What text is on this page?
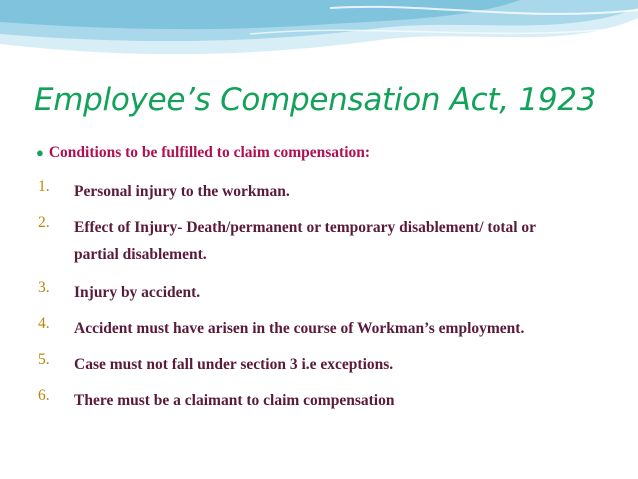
Employee’s Compensation Act, 1923
● Conditions to be fulfilled to claim compensation:
1.	Personal injury to the workman.
2.	Effect of Injury- Death/permanent or temporary disablement/ total or
partial disablement.
3.	Injury by accident.
4.	Accident must have arisen in the course of Workman’s employment.
5.	Case must not fall under section 3 i.e exceptions.
6.	There must be a claimant to claim compensation
